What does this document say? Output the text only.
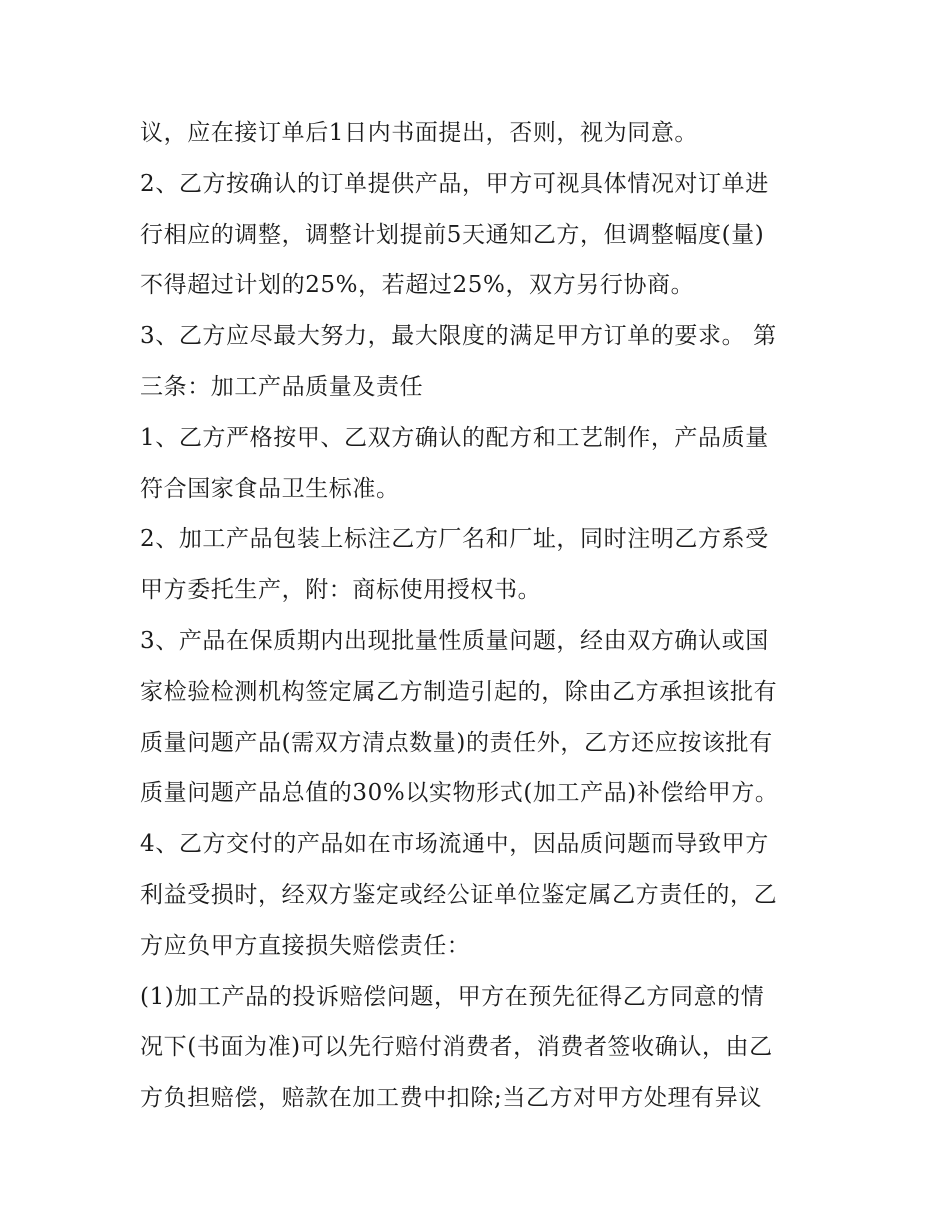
议，应在接订单后1日内书面提出，否则，视为同意。
2、乙方按确认的订单提供产品，甲方可视具体情况对订单进
行相应的调整，调整计划提前5天通知乙方，但调整幅度(量)
不得超过计划的25%，若超过25%，双方另行协商。
3、乙方应尽最大努力，最大限度的满足甲方订单的要求。 第
三条：加工产品质量及责任
1、乙方严格按甲、乙双方确认的配方和工艺制作，产品质量
符合国家食品卫生标准。
2、加工产品包装上标注乙方厂名和厂址，同时注明乙方系受
甲方委托生产，附：商标使用授权书。
3、产品在保质期内出现批量性质量问题，经由双方确认或国
家检验检测机构签定属乙方制造引起的，除由乙方承担该批有
质量问题产品(需双方清点数量)的责任外，乙方还应按该批有
质量问题产品总值的30%以实物形式(加工产品)补偿给甲方。
4、乙方交付的产品如在市场流通中，因品质问题而导致甲方
利益受损时，经双方鉴定或经公证单位鉴定属乙方责任的，乙
方应负甲方直接损失赔偿责任：
(1)加工产品的投诉赔偿问题，甲方在预先征得乙方同意的情
况下(书面为准)可以先行赔付消费者，消费者签收确认，由乙
方负担赔偿，赔款在加工费中扣除;当乙方对甲方处理有异议
